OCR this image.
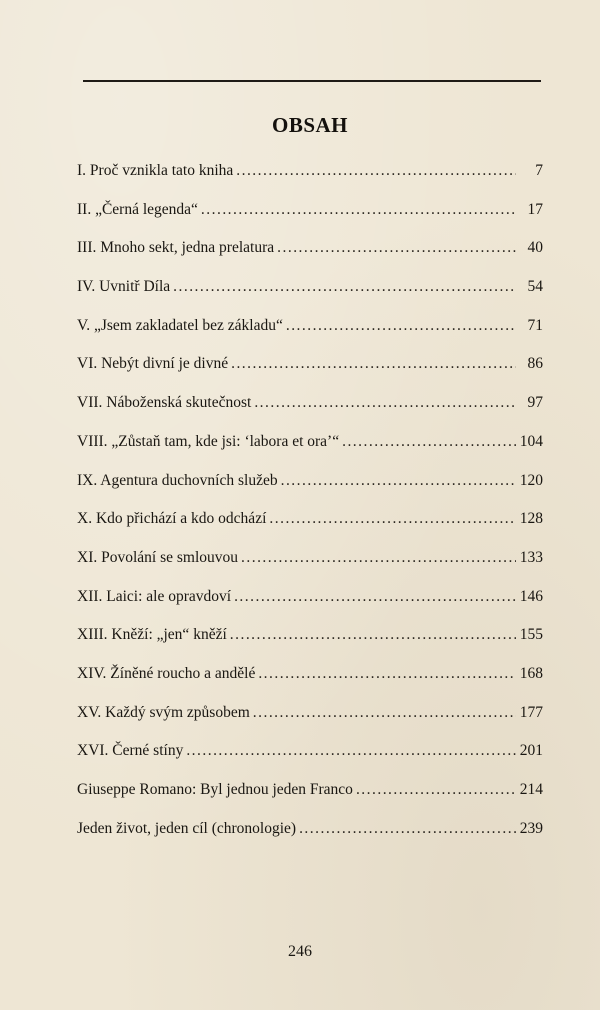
OBSAH
I. Proč vznikla tato kniha . . .	7
II. „Černá legenda“ . . .	17
III. Mnoho sekt, jedna prelatura . . .	40
IV. Uvnitř Díla . . .	54
V. „Jsem zakladatel bez základu“ . . .	71
VI. Nebýt divní je divné . . .	86
VII. Náboženská skutečnost . . .	97
VIII. „Zůstaň tam, kde jsi: ‘labora et ora’“ . . .	104
IX. Agentura duchovních služeb . . .	120
X. Kdo přichází a kdo odchází . . .	128
XI. Povolání se smlouvou . . .	133
XII. Laici: ale opravdoví . . .	146
XIII. Kněží: „jen“ kněží . . .	155
XIV. Žíněné roucho a andělé . . .	168
XV. Každý svým způsobem . . .	177
XVI. Černé stíny . . .	201
Giuseppe Romano: Byl jednou jeden Franco . . .	214
Jeden život, jeden cíl (chronologie) . . .	239
246
